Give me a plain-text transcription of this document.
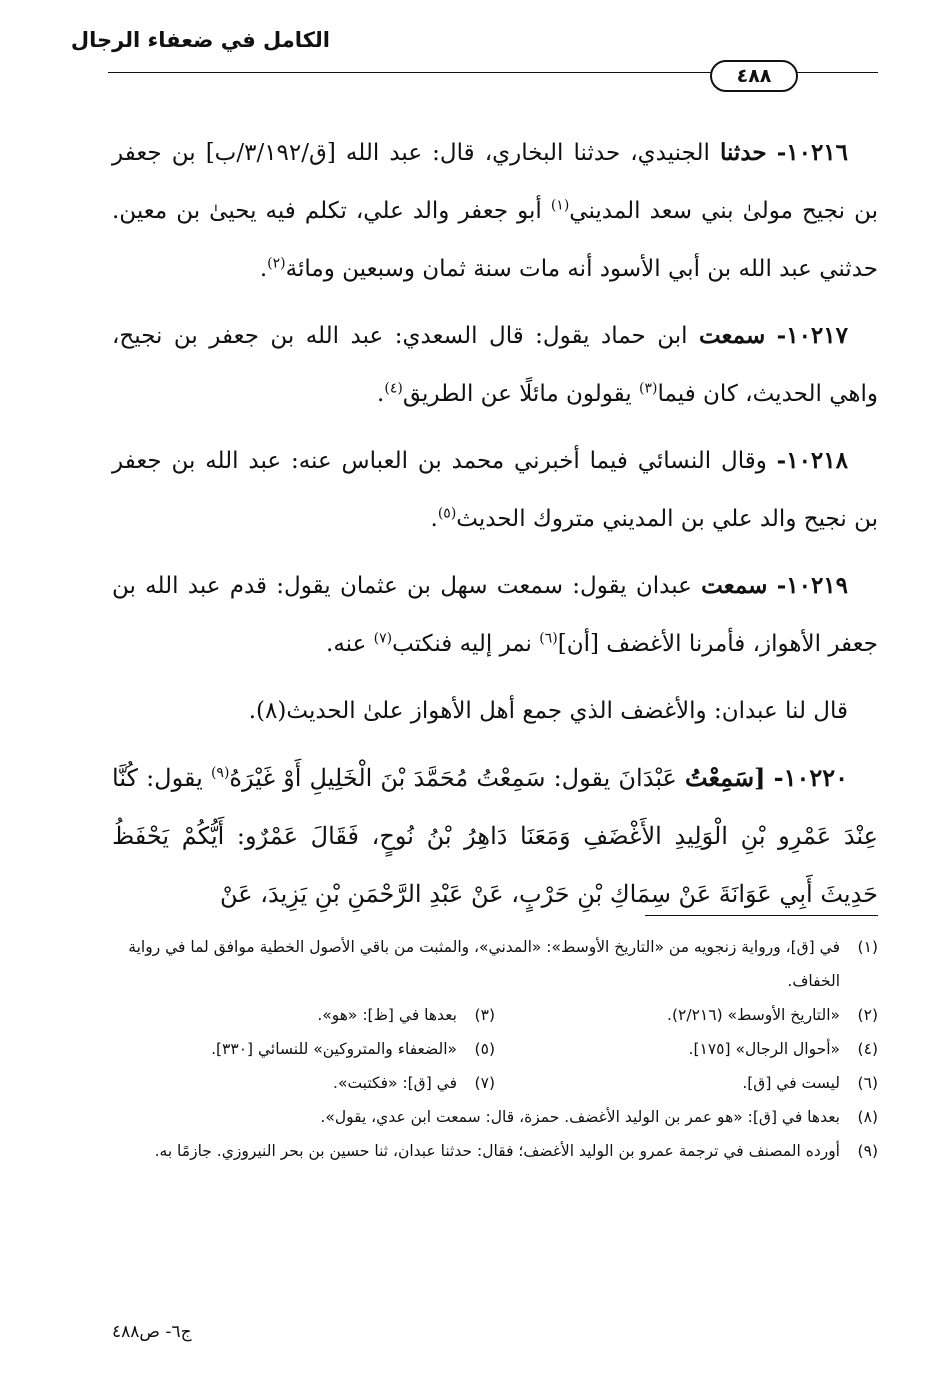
الكامل في ضعفاء الرجال
٤٨٨

١٠٢١٦- حدثنا الجنيدي، حدثنا البخاري، قال: عبد الله [ق/٣/١٩٢/ب] بن جعفر بن نجيح مولىٰ بني سعد المديني$^{(١)}$ أبو جعفر والد علي، تكلم فيه يحيىٰ بن معين. حدثني عبد الله بن أبي الأسود أنه مات سنة ثمان وسبعين ومائة$^{(٢)}$.

١٠٢١٧- سمعت ابن حماد يقول: قال السعدي: عبد الله بن جعفر بن نجيح، واهي الحديث، كان فيما$^{(٣)}$ يقولون مائلًا عن الطريق$^{(٤)}$.

١٠٢١٨- وقال النسائي فيما أخبرني محمد بن العباس عنه: عبد الله بن جعفر بن نجيح والد علي بن المديني متروك الحديث$^{(٥)}$.

١٠٢١٩- سمعت عبدان يقول: سمعت سهل بن عثمان يقول: قدم عبد الله بن جعفر الأهواز، فأمرنا الأغضف [أن]$^{(٦)}$ نمر إليه فنكتب$^{(٧)}$ عنه.

قال لنا عبدان: والأغضف الذي جمع أهل الأهواز علىٰ الحديث(٨).

١٠٢٢٠- [سَمِعْتُ عَبْدَانَ يقول: سَمِعْتُ مُحَمَّدَ بْنَ الْخَلِيلِ أَوْ غَيْرَهُ$^{(٩)}$ يقول: كُنَّا عِنْدَ عَمْرِو بْنِ الْوَلِيدِ الأَغْضَفِ وَمَعَنَا دَاهِرُ بْنُ نُوحٍ، فَقَالَ عَمْرٌو: أَيُّكُمْ يَحْفَظُ حَدِيثَ أَبِي عَوَانَةَ عَنْ سِمَاكِ بْنِ حَرْبٍ، عَنْ عَبْدِ الرَّحْمَنِ بْنِ يَزِيدَ، عَنْ

(١)
في [ق]، ورواية زنجويه من «التاريخ الأوسط»: «المدني»، والمثبت من باقي الأصول الخطية موافق لما في رواية الخفاف.
(٢)
«التاريخ الأوسط» (٢/٢١٦).
(٣)
بعدها في [ظ]: «هو».
(٤)
«أحوال الرجال» [١٧٥].
(٥)
«الضعفاء والمتروكين» للنسائي [٣٣٠].
(٦)
ليست في [ق].
(٧)
في [ق]: «فكتبت».
(٨)
بعدها في [ق]: «هو عمر بن الوليد الأغضف. حمزة، قال: سمعت ابن عدي، يقول».
(٩)
أورده المصنف في ترجمة عمرو بن الوليد الأغضف؛ فقال: حدثنا عبدان، ثنا حسين بن بحر النيروزي. جازمًا به.
ج٦- ص٤٨٨
